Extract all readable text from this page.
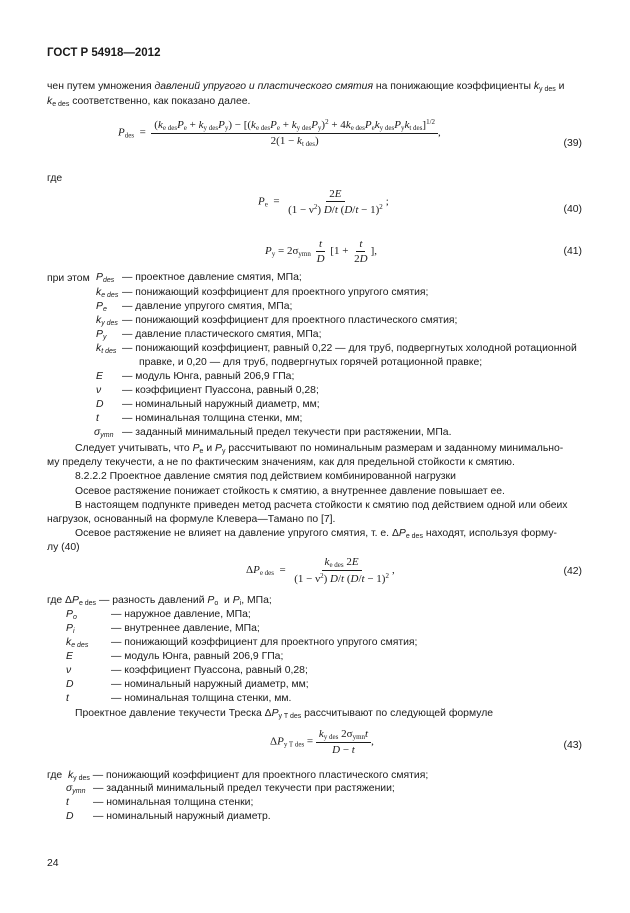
ГОСТ Р 54918—2012
чен путем умножения давлений упругого и пластического смятия на понижающие коэффициенты $k_{y des}$ и
$k_{e des}$ соответственно, как показано далее.
$P_{des}$  =
$(k_{e des}P_e + k_{y des}P_y) - [(k_{e des}P_e + k_{y des}P_y)^2 + 4k_{e des}P_ek_{y des}P_yk_{t des}]^{1/2}$
$2(1 - k_{t des})$
,
(39)
где
$P_e = \frac{2E}{(1 - \nu^2) D/t (D/t - 1)^2}$ ;
(40)
$P_y = 2\sigma_{ymn} \frac{t}{D} [1 + \frac{t}{2D}$ ],	(41)
при этом $P_{des}$ — проектное давление смятия, МПа;
$k_{e des}$ — понижающий коэффициент для проектного упругого смятия;
$P_e$ — давление упругого смятия, МПа;
$k_{y des}$ — понижающий коэффициент для проектного пластического смятия;
$P_y$ — давление пластического смятия, МПа;
$k_{t des}$ — понижающий коэффициент, равный 0,22 — для труб, подвергнутых холодной ротационной
правке, и 0,20 — для труб, подвергнутых горячей ротационной правке;
E — модуль Юнга, равный 206,9 ГПа;
ν — коэффициент Пуассона, равный 0,28;
D — номинальный наружный диаметр, мм;
t — номинальная толщина стенки, мм;
$\sigma_{ymn}$ — заданный минимальный предел текучести при растяжении, МПа.
Следует учитывать, что $P_e$ и $P_y$ рассчитывают по номинальным размерам и заданному минимально-
му пределу текучести, а не по фактическим значениям, как для предельной стойкости к смятию.
8.2.2.2 Проектное давление смятия под действием комбинированной нагрузки
Осевое растяжение понижает стойкость к смятию, а внутреннее давление повышает ее.
В настоящем подпункте приведен метод расчета стойкости к смятию под действием одной или обеих
нагрузок, основанный на формуле Клевера—Тамано по [7].
Осевое растяжение не влияет на давление упругого смятия, т. е. $\Delta P_{e des}$ находят, используя форму-
лу (40)
$\Delta P_{e des} = \frac{k_{e des} 2E}{(1 - \nu^2) D/t (D/t - 1)^2}$ ,	(42)
где $\Delta P_{e des}$ — разность давлений $P_o$ и $P_i$, МПа;
$P_o$	— наружное давление, МПа;
$P_i$	— внутреннее давление, МПа;
$k_{e des}$ — понижающий коэффициент для проектного упругого смятия;
E	— модуль Юнга, равный 206,9 ГПа;
ν	— коэффициент Пуассона, равный 0,28;
D	— номинальный наружный диаметр, мм;
t	— номинальная толщина стенки, мм.
Проектное давление текучести Треска $\Delta P_{y T des}$ рассчитывают по следующей формуле
$\Delta P_{y T des} = \frac{k_{y des} 2\sigma_{ymn}t}{D - t}$ ,	(43)
где $k_{y des}$ — понижающий коэффициент для проектного пластического смятия;
$\sigma_{ymn}$ — заданный минимальный предел текучести при растяжении;
t — номинальная толщина стенки;
D — номинальный наружный диаметр.
24
